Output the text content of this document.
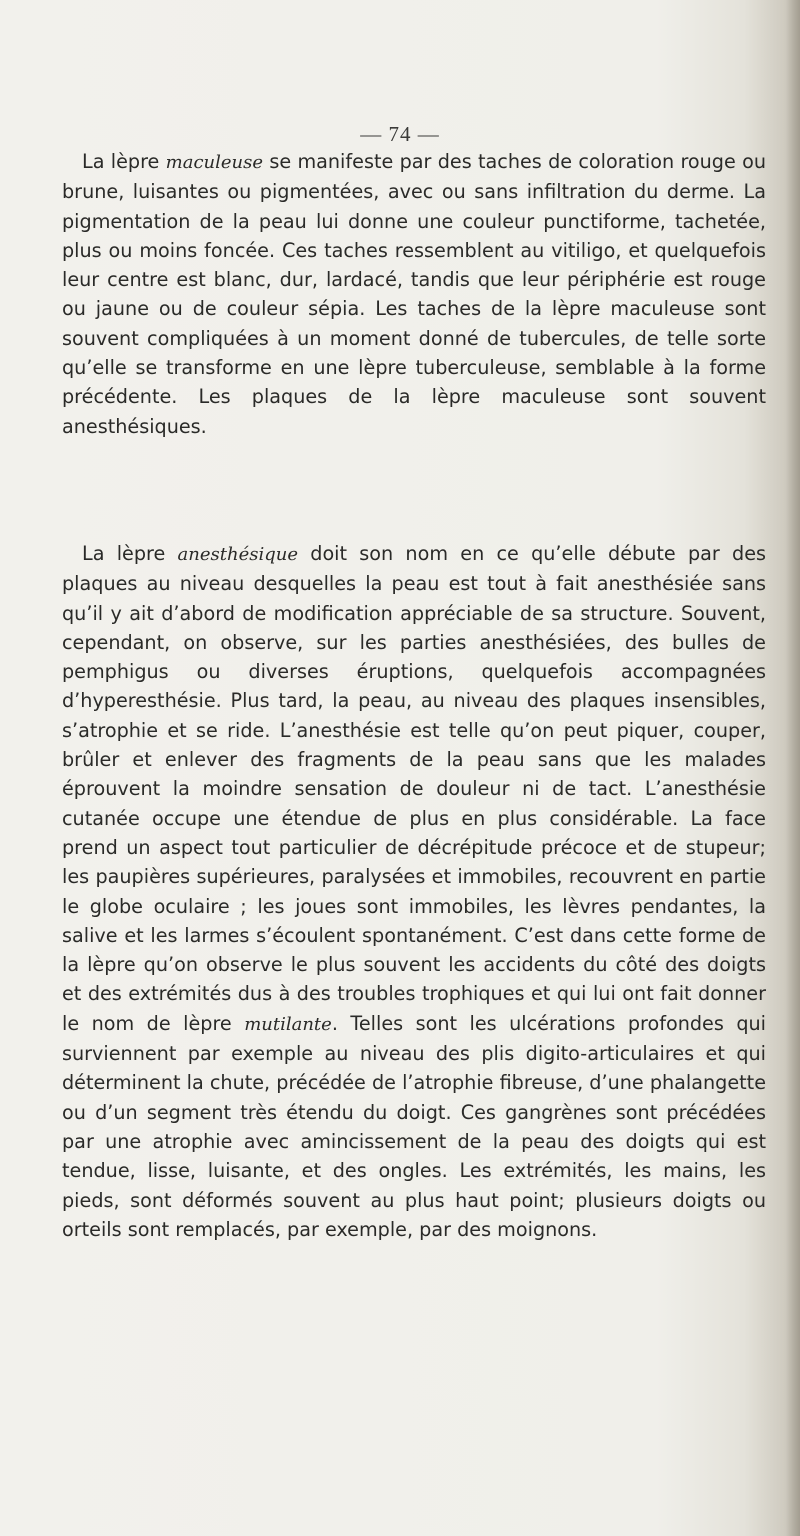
— 74 —

La lèpre maculeuse se manifeste par des taches de coloration rouge ou brune, luisantes ou pigmentées, avec ou sans infiltration du derme. La pigmentation de la peau lui donne une couleur punctiforme, tachetée, plus ou moins foncée. Ces taches ressemblent au vitiligo, et quelquefois leur centre est blanc, dur, lardacé, tandis que leur périphérie est rouge ou jaune ou de couleur sépia. Les taches de la lèpre maculeuse sont souvent compliquées à un moment donné de tubercules, de telle sorte qu’elle se transforme en une lèpre tuberculeuse, semblable à la forme précédente. Les plaques de la lèpre maculeuse sont souvent anesthésiques.

La lèpre anesthésique doit son nom en ce qu’elle débute par des plaques au niveau desquelles la peau est tout à fait anesthésiée sans qu’il y ait d’abord de modification appréciable de sa structure. Souvent, cependant, on observe, sur les parties anesthésiées, des bulles de pemphigus ou diverses éruptions, quelquefois accompagnées d’hyperesthésie. Plus tard, la peau, au niveau des plaques insensibles, s’atrophie et se ride. L’anesthésie est telle qu’on peut piquer, couper, brûler et enlever des fragments de la peau sans que les malades éprouvent la moindre sensation de douleur ni de tact. L’anesthésie cutanée occupe une étendue de plus en plus considérable. La face prend un aspect tout particulier de décrépitude précoce et de stupeur; les paupières supérieures, paralysées et immobiles, recouvrent en partie le globe oculaire ; les joues sont immobiles, les lèvres pendantes, la salive et les larmes s’écoulent spontanément. C’est dans cette forme de la lèpre qu’on observe le plus souvent les accidents du côté des doigts et des extrémités dus à des troubles trophiques et qui lui ont fait donner le nom de lèpre mutilante. Telles sont les ulcérations profondes qui surviennent par exemple au niveau des plis digito-articulaires et qui déterminent la chute, précédée de l’atrophie fibreuse, d’une phalangette ou d’un segment très étendu du doigt. Ces gangrènes sont précédées par une atrophie avec amincissement de la peau des doigts qui est tendue, lisse, luisante, et des ongles. Les extrémités, les mains, les pieds, sont déformés souvent au plus haut point; plusieurs doigts ou orteils sont remplacés, par exemple, par des moignons.
